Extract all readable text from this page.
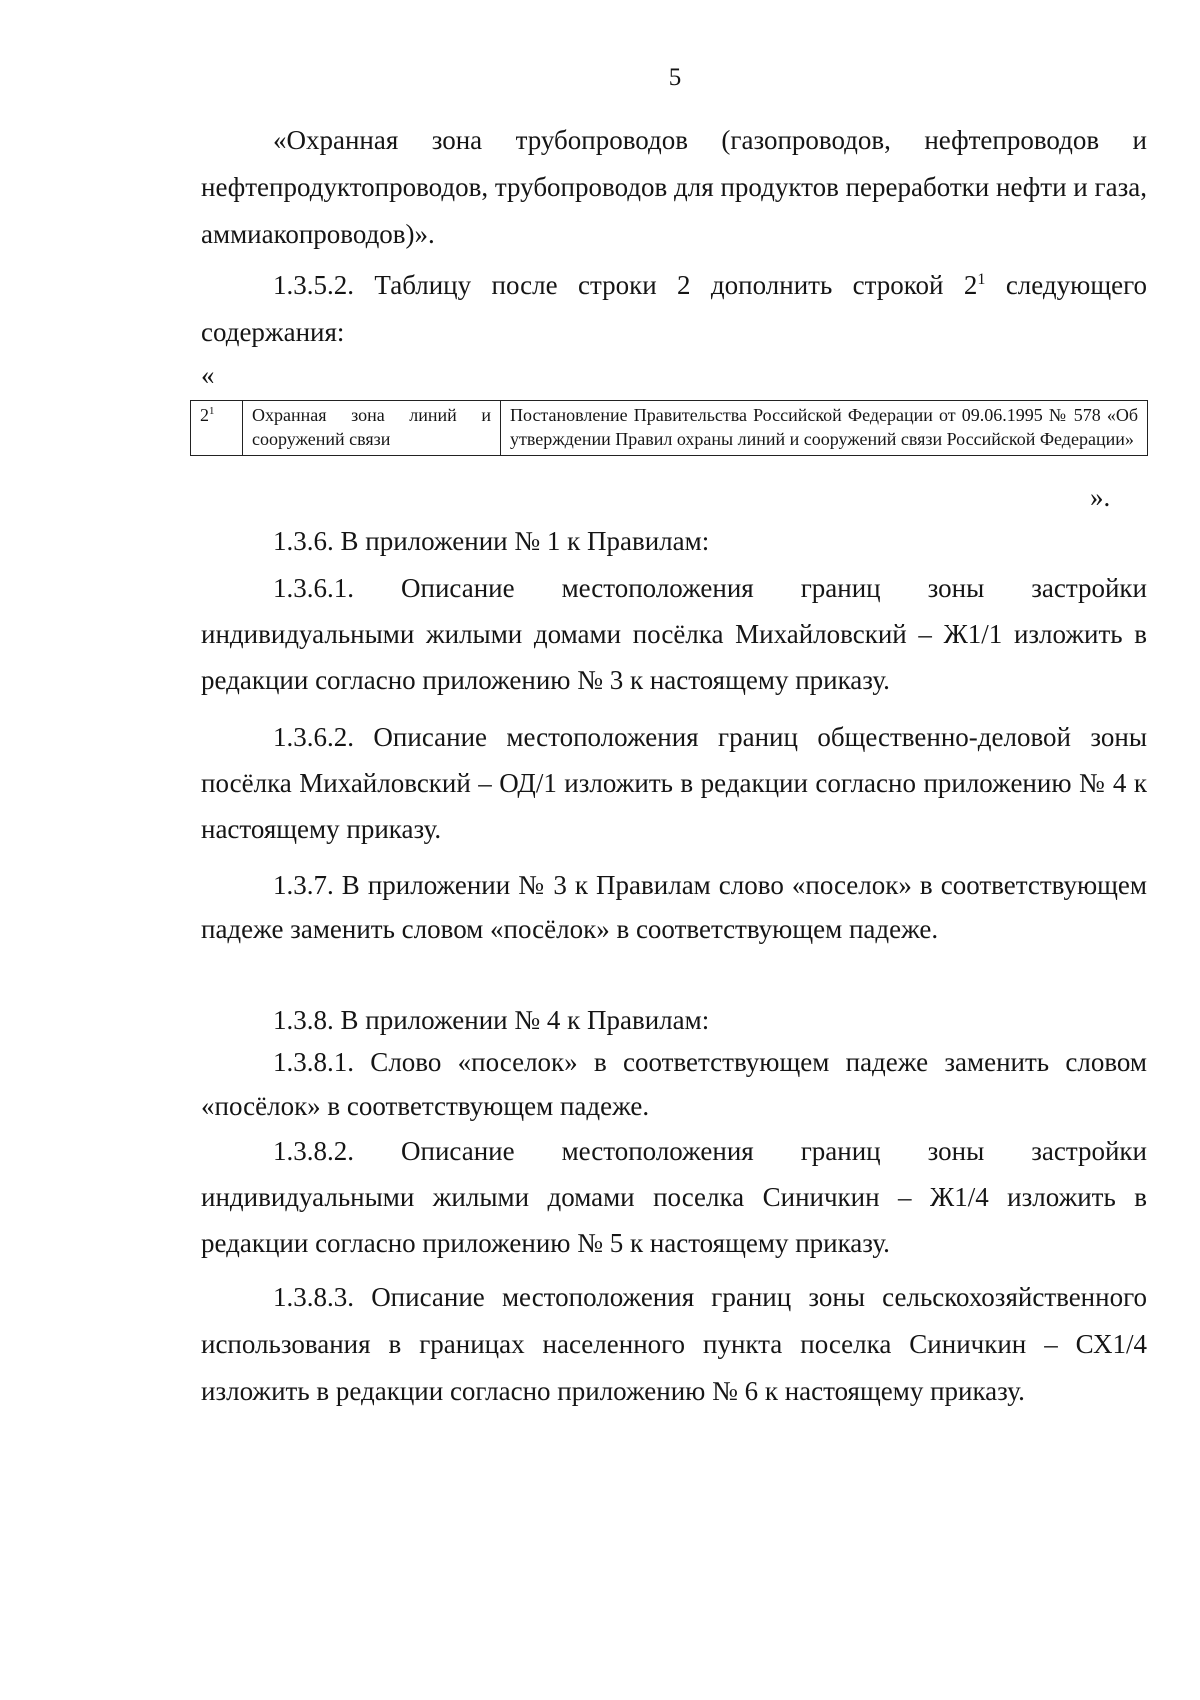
5

«Охранная зона трубопроводов (газопроводов, нефтепроводов и нефтепродуктопроводов, трубопроводов для продуктов переработки нефти и газа, аммиакопроводов)».

1.3.5.2. Таблицу после строки 2 дополнить строкой $2^1$ следующего содержания:

«
$2^1$	Охранная зона линий и сооружений связи	Постановление Правительства Российской Федерации от 09.06.1995 № 578 «Об утверждении Правил охраны линий и сооружений связи Российской Федерации»
».

1.3.6. В приложении № 1 к Правилам:

1.3.6.1. Описание местоположения границ зоны застройки индивидуальными жилыми домами посёлка Михайловский – Ж1/1 изложить в редакции согласно приложению № 3 к настоящему приказу.

1.3.6.2. Описание местоположения границ общественно-деловой зоны посёлка Михайловский – ОД/1 изложить в редакции согласно приложению № 4 к настоящему приказу.

1.3.7. В приложении № 3 к Правилам слово «поселок» в соответствующем падеже заменить словом «посёлок» в соответствующем падеже.

1.3.8. В приложении № 4 к Правилам:

1.3.8.1. Слово «поселок» в соответствующем падеже заменить словом «посёлок» в соответствующем падеже.

1.3.8.2. Описание местоположения границ зоны застройки индивидуальными жилыми домами поселка Синичкин – Ж1/4 изложить в редакции согласно приложению № 5 к настоящему приказу.

1.3.8.3. Описание местоположения границ зоны сельскохозяйственного использования в границах населенного пункта поселка Синичкин – СХ1/4 изложить в редакции согласно приложению № 6 к настоящему приказу.
